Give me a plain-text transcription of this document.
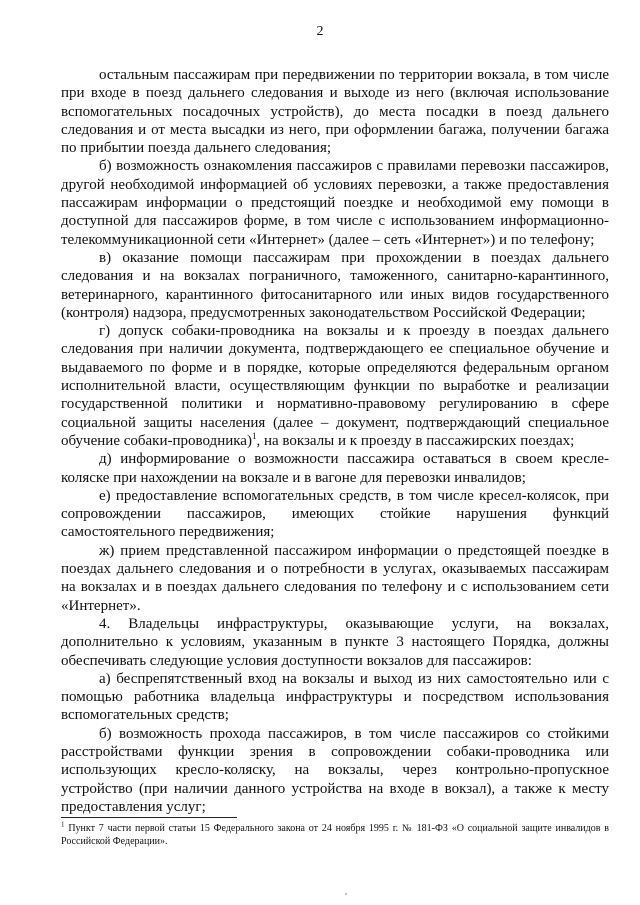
2

остальным пассажирам при передвижении по территории вокзала, в том числе при входе в поезд дальнего следования и выходе из него (включая использование вспомогательных посадочных устройств), до места посадки в поезд дальнего следования и от места высадки из него, при оформлении багажа, получении багажа по прибытии поезда дальнего следования;

б) возможность ознакомления пассажиров с правилами перевозки пассажиров, другой необходимой информацией об условиях перевозки, а также предоставления пассажирам информации о предстоящий поездке и необходимой ему помощи в доступной для пассажиров форме, в том числе с использованием информационно-телекоммуникационной сети «Интернет» (далее – сеть «Интернет») и по телефону;

в) оказание помощи пассажирам при прохождении в поездах дальнего следования и на вокзалах пограничного, таможенного, санитарно-карантинного, ветеринарного, карантинного фитосанитарного или иных видов государственного (контроля) надзора, предусмотренных законодательством Российской Федерации;

г) допуск собаки-проводника на вокзалы и к проезду в поездах дальнего следования при наличии документа, подтверждающего ее специальное обучение и выдаваемого по форме и в порядке, которые определяются федеральным органом исполнительной власти, осуществляющим функции по выработке и реализации государственной политики и нормативно-правовому регулированию в сфере социальной защиты населения (далее – документ, подтверждающий специальное обучение собаки-проводника)$^1$, на вокзалы и к проезду в пассажирских поездах;

д) информирование о возможности пассажира оставаться в своем кресле-коляске при нахождении на вокзале и в вагоне для перевозки инвалидов;

е) предоставление вспомогательных средств, в том числе кресел-колясок, при сопровождении пассажиров, имеющих стойкие нарушения функций самостоятельного передвижения;

ж) прием представленной пассажиром информации о предстоящей поездке в поездах дальнего следования и о потребности в услугах, оказываемых пассажирам на вокзалах и в поездах дальнего следования по телефону и с использованием сети «Интернет».

4. Владельцы инфраструктуры, оказывающие услуги, на вокзалах, дополнительно к условиям, указанным в пункте 3 настоящего Порядка, должны обеспечивать следующие условия доступности вокзалов для пассажиров:

а) беспрепятственный вход на вокзалы и выход из них самостоятельно или с помощью работника владельца инфраструктуры и посредством использования вспомогательных средств;

б) возможность прохода пассажиров, в том числе пассажиров со стойкими расстройствами функции зрения в сопровождении собаки-проводника или использующих кресло-коляску, на вокзалы, через контрольно-пропускное устройство (при наличии данного устройства на входе в вокзал), а также к месту предоставления услуг;

$^1$ Пункт 7 части первой статьи 15 Федерального закона от 24 ноября 1995 г. № 181-ФЗ «О социальной защите инвалидов в Российской Федерации».
